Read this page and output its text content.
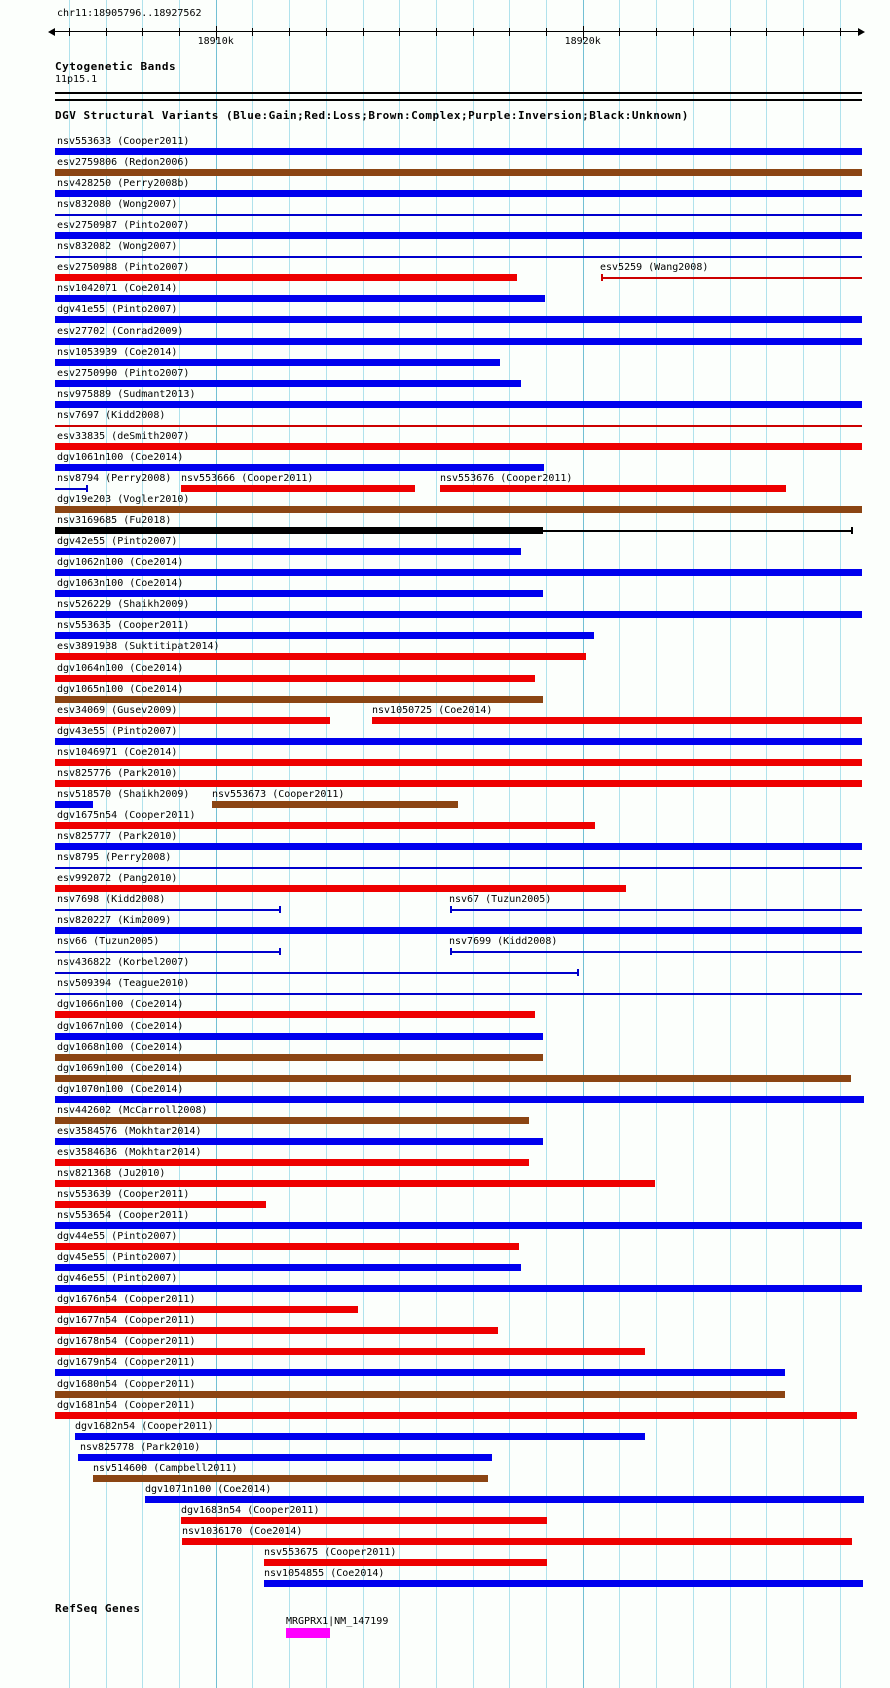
chr11:18905796..18927562
18910k	18920k
Cytogenetic Bands
11p15.1
DGV Structural Variants (Blue:Gain;Red:Loss;Brown:Complex;Purple:Inversion;Black:Unknown)
nsv553633 (Cooper2011)
esv2759806 (Redon2006)
nsv428250 (Perry2008b)
nsv832080 (Wong2007)
esv2750987 (Pinto2007)
nsv832082 (Wong2007)
esv2750988 (Pinto2007)	esv5259 (Wang2008)
nsv1042071 (Coe2014)
dgv41e55 (Pinto2007)
esv27702 (Conrad2009)
nsv1053939 (Coe2014)
esv2750990 (Pinto2007)
nsv975889 (Sudmant2013)
nsv7697 (Kidd2008)
esv33835 (deSmith2007)
dgv1061n100 (Coe2014)
nsv8794 (Perry2008) nsv553666 (Cooper2011)	nsv553676 (Cooper2011)
dgv19e203 (Vogler2010)
nsv3169685 (Fu2018)
dgv42e55 (Pinto2007)
dgv1062n100 (Coe2014)
dgv1063n100 (Coe2014)
nsv526229 (Shaikh2009)
nsv553635 (Cooper2011)
esv3891938 (Suktitipat2014)
dgv1064n100 (Coe2014)
dgv1065n100 (Coe2014)
esv34069 (Gusev2009)	nsv1050725 (Coe2014)
dgv43e55 (Pinto2007)
nsv1046971 (Coe2014)
nsv825776 (Park2010)
nsv518570 (Shaikh2009) nsv553673 (Cooper2011)
dgv1675n54 (Cooper2011)
nsv825777 (Park2010)
nsv8795 (Perry2008)
esv992072 (Pang2010)
nsv7698 (Kidd2008)	nsv67 (Tuzun2005)
nsv820227 (Kim2009)
nsv66 (Tuzun2005)	nsv7699 (Kidd2008)
nsv436822 (Korbel2007)
nsv509394 (Teague2010)
dgv1066n100 (Coe2014)
dgv1067n100 (Coe2014)
dgv1068n100 (Coe2014)
dgv1069n100 (Coe2014)
dgv1070n100 (Coe2014)
nsv442602 (McCarroll2008)
esv3584576 (Mokhtar2014)
esv3584636 (Mokhtar2014)
nsv821368 (Ju2010)
nsv553639 (Cooper2011)
nsv553654 (Cooper2011)
dgv44e55 (Pinto2007)
dgv45e55 (Pinto2007)
dgv46e55 (Pinto2007)
dgv1676n54 (Cooper2011)
dgv1677n54 (Cooper2011)
dgv1678n54 (Cooper2011)
dgv1679n54 (Cooper2011)
dgv1680n54 (Cooper2011)
dgv1681n54 (Cooper2011)
dgv1682n54 (Cooper2011)
nsv825778 (Park2010)
nsv514600 (Campbell2011)
dgv1071n100 (Coe2014)
dgv1683n54 (Cooper2011)
nsv1036170 (Coe2014)
nsv553675 (Cooper2011)
nsv1054855 (Coe2014)
RefSeq Genes
MRGPRX1|NM_147199
